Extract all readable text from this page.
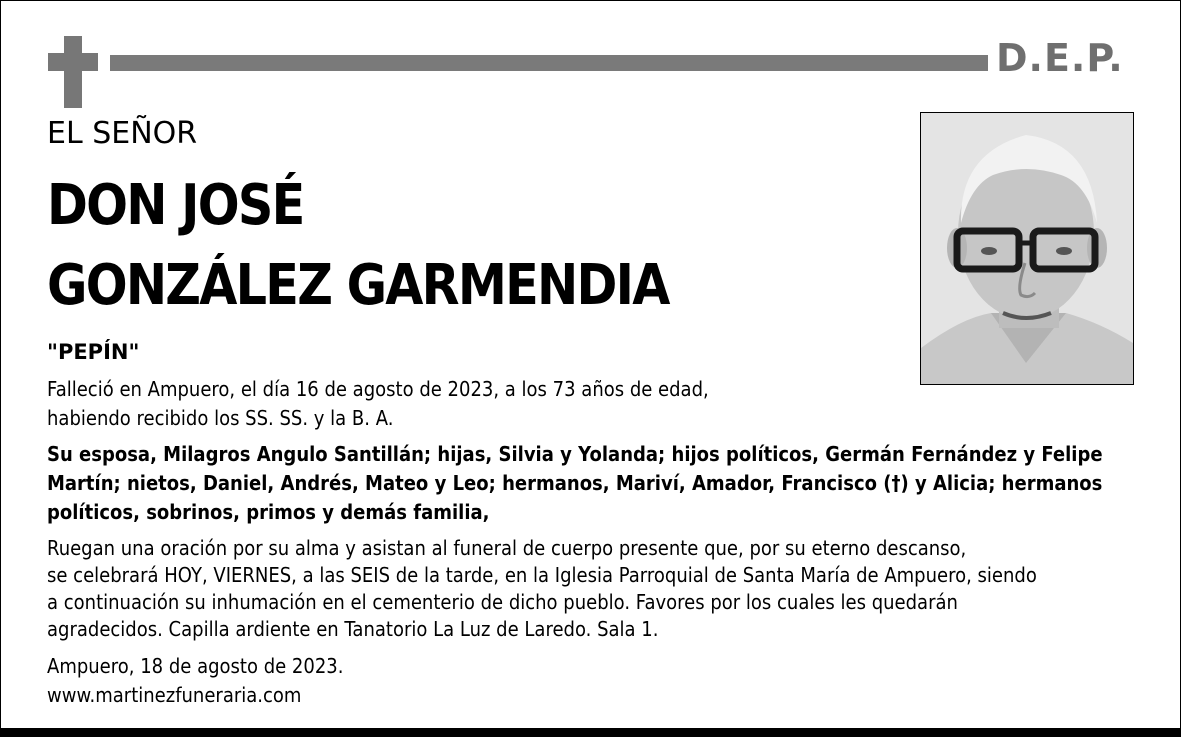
D.E.P.
EL SEÑOR
DON JOSÉ
GONZÁLEZ GARMENDIA
"PEPÍN"
Falleció en Ampuero, el día 16 de agosto de 2023, a los 73 años de edad,
habiendo recibido los SS. SS. y la B. A.
Su esposa, Milagros Angulo Santillán; hijas, Silvia y Yolanda; hijos políticos, Germán Fernández y Felipe
Martín; nietos, Daniel, Andrés, Mateo y Leo; hermanos, Mariví, Amador, Francisco (†) y Alicia; hermanos
políticos, sobrinos, primos y demás familia,
Ruegan una oración por su alma y asistan al funeral de cuerpo presente que, por su eterno descanso,
se celebrará HOY, VIERNES, a las SEIS de la tarde, en la Iglesia Parroquial de Santa María de Ampuero, siendo
a continuación su inhumación en el cementerio de dicho pueblo. Favores por los cuales les quedarán
agradecidos. Capilla ardiente en Tanatorio La Luz de Laredo. Sala 1.
Ampuero, 18 de agosto de 2023.
www.martinezfuneraria.com
